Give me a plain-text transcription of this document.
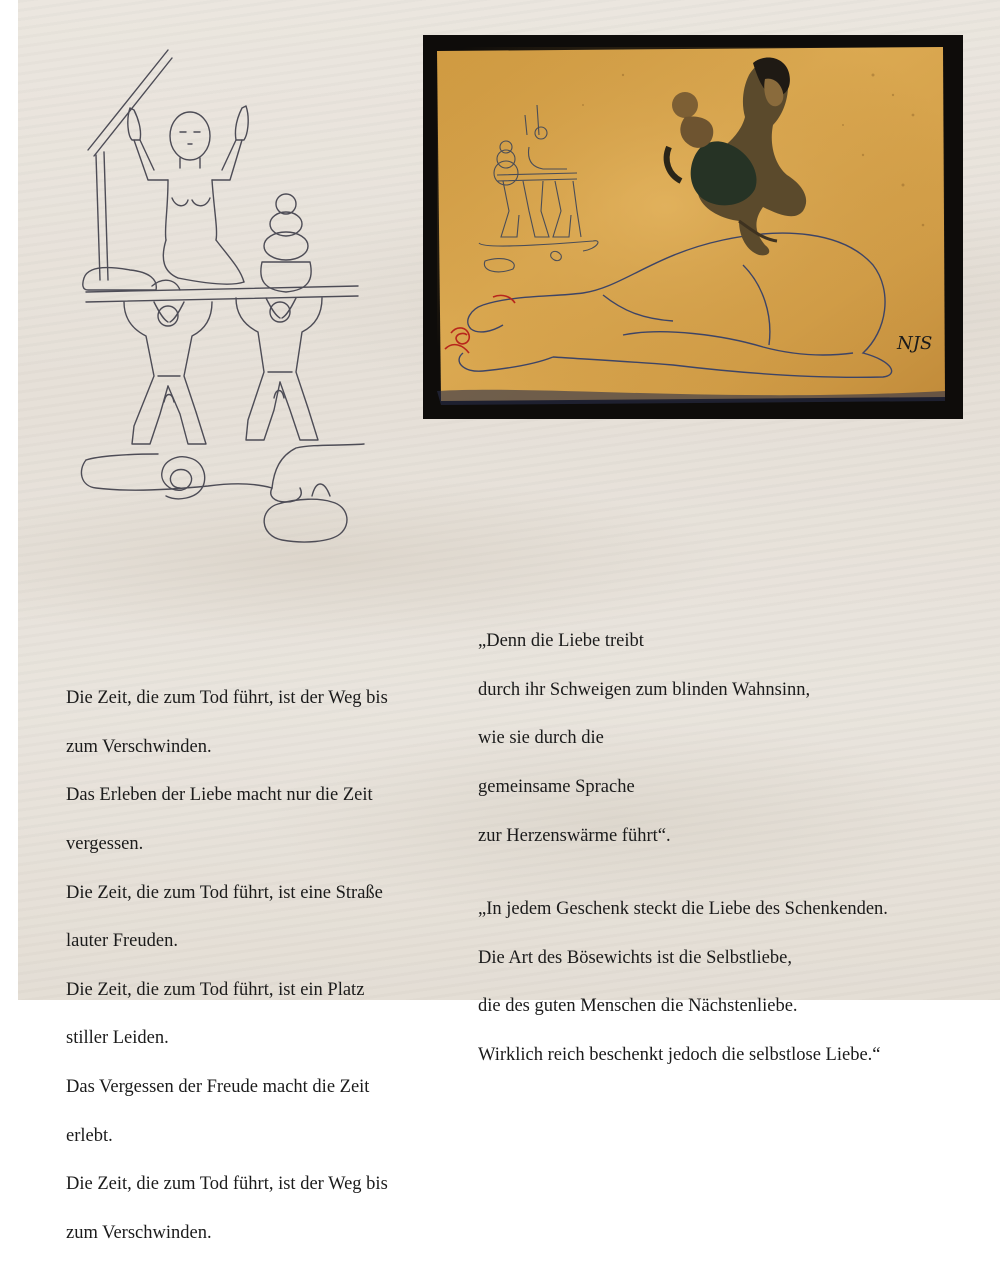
NJS

Die Zeit, die zum Tod führt, ist der Weg bis

zum Verschwinden.

Das Erleben der Liebe macht nur die Zeit

vergessen.

Die Zeit, die zum Tod führt, ist eine Straße

lauter Freuden.

Die Zeit, die zum Tod führt, ist ein Platz

stiller Leiden.

Das Vergessen der Freude macht die Zeit

erlebt.

Die Zeit, die zum Tod führt, ist der Weg bis

zum Verschwinden.

„Denn die Liebe treibt

durch ihr Schweigen zum blinden Wahnsinn,

wie sie durch die

gemeinsame Sprache

zur Herzenswärme führt“.

„In jedem Geschenk steckt die Liebe des Schenkenden.

Die Art des Bösewichts ist die Selbstliebe,

die des guten Menschen die Nächstenliebe.

Wirklich reich beschenkt jedoch die selbstlose Liebe.“
